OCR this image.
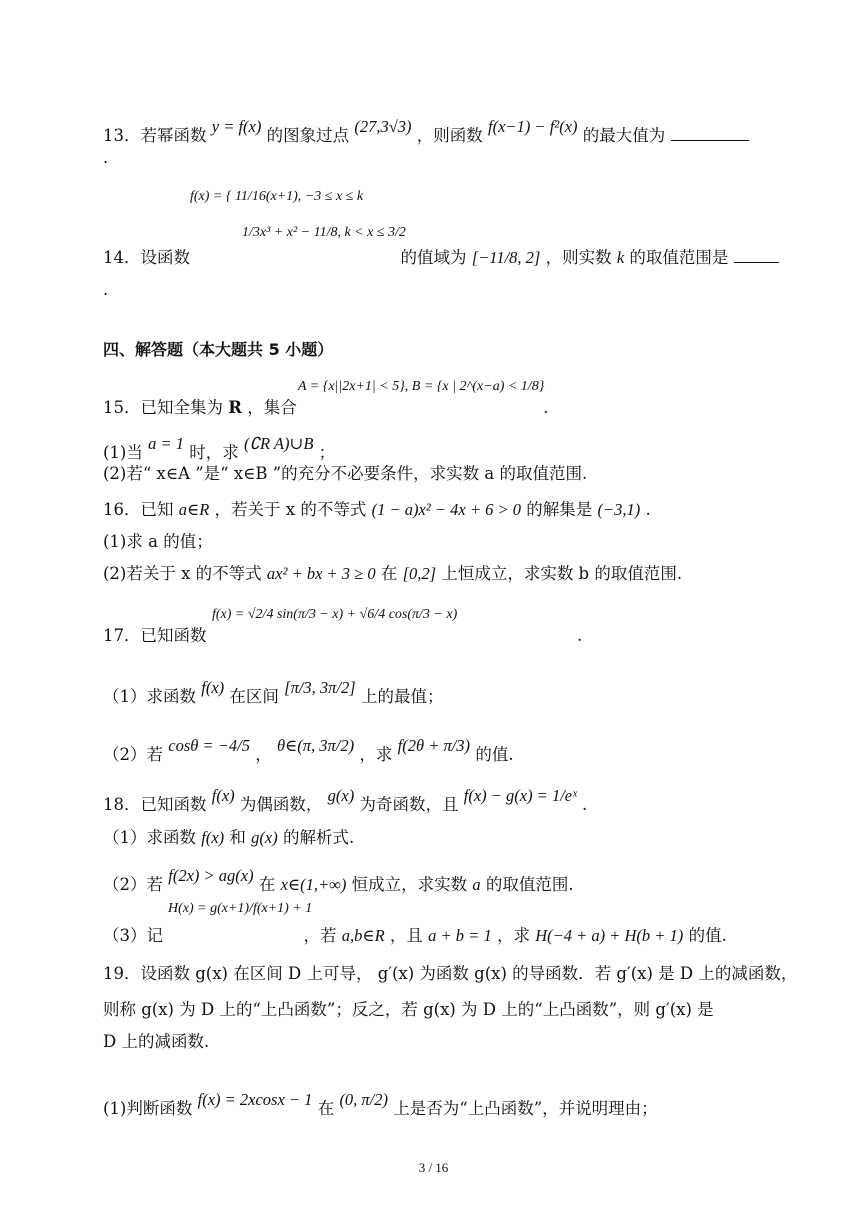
13．若幂函数 y = f(x) 的图象过点 (27,3√3) ，则函数 f(x−1) − f²(x) 的最大值为
.
f(x) = { 11/16(x+1), −3 ≤ x ≤ k
1/3x³ + x² − 11/8, k < x ≤ 3/2
14．设函数	的值域为 [−11/8, 2] ，则实数 k 的取值范围是
.
四、解答题（本大题共 5 小题）
A = {x||2x+1| < 5}, B = {x | 2^(x−a) < 1/8}
15．已知全集为 R ，集合	.
(1)当 a = 1 时，求 (∁R A)∪B ；
(2)若“ x∈A ”是“ x∈B ”的充分不必要条件，求实数 a 的取值范围.
16．已知 a∈R ，若关于 x 的不等式 (1 − a)x² − 4x + 6 > 0 的解集是 (−3,1) .
(1)求 a 的值；
(2)若关于 x 的不等式 ax² + bx + 3 ≥ 0 在 [0,2] 上恒成立，求实数 b 的取值范围.
f(x) = √2/4 sin(π/3 − x) + √6/4 cos(π/3 − x)
17．已知函数	.
（1）求函数 f(x) 在区间 [π/3, 3π/2] 上的最值；
（2）若 cosθ = −4/5 ， θ∈(π, 3π/2) ，求 f(2θ + π/3) 的值.
18．已知函数 f(x) 为偶函数， g(x) 为奇函数，且 f(x) − g(x) = 1/eˣ .
（1）求函数 f(x) 和 g(x) 的解析式.
（2）若 f(2x) > ag(x) 在 x∈(1,+∞) 恒成立，求实数 a 的取值范围.
H(x) = g(x+1)/f(x+1) + 1
（3）记	，若 a,b∈R ，且 a + b = 1 ，求 H(−4 + a) + H(b + 1) 的值.
19．设函数 g(x) 在区间 D 上可导， g′(x) 为函数 g(x) 的导函数．若 g′(x) 是 D 上的减函数，
则称 g(x) 为 D 上的“上凸函数”；反之，若 g(x) 为 D 上的“上凸函数”，则 g′(x) 是
D 上的减函数.
(1)判断函数 f(x) = 2xcosx − 1 在 (0, π/2) 上是否为“上凸函数”，并说明理由；
3 / 16
